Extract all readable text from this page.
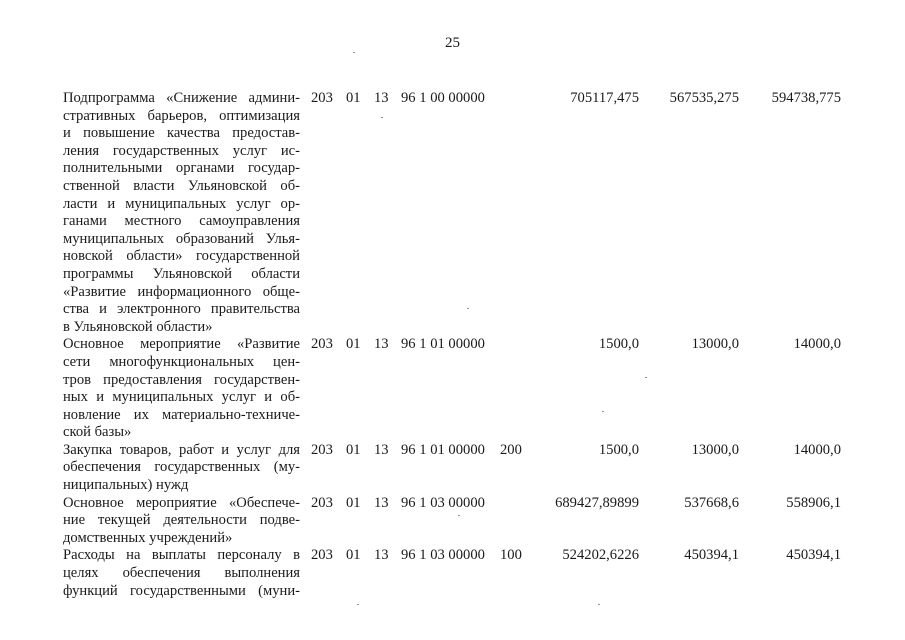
25
Подпрограмма «Снижение админи-
стративных барьеров, оптимизация
и повышение качества предостав-
ления государственных услуг ис-
полнительными органами государ-
ственной власти Ульяновской об-
ласти и муниципальных услуг ор-
ганами местного самоуправления
муниципальных образований Улья-
новской области» государственной
программы Ульяновской области
«Развитие информационного обще-
ства и электронного правительства
в Ульяновской области»
203 01 13 96 1 00 00000	705117,475	567535,275	594738,775
Основное мероприятие «Развитие
сети многофункциональных цен-
тров предоставления государствен-
ных и муниципальных услуг и об-
новление их материально-техниче-
ской базы»
203 01 13 96 1 01 00000	1500,0	13000,0	14000,0
Закупка товаров, работ и услуг для
обеспечения государственных (му-
ниципальных) нужд
203 01 13 96 1 01 00000 200	1500,0	13000,0	14000,0
Основное мероприятие «Обеспече-
ние текущей деятельности подве-
домственных учреждений»
203 01 13 96 1 03 00000	689427,89899	537668,6	558906,1
Расходы на выплаты персоналу в
целях обеспечения выполнения
функций государственными (муни-
203 01 13 96 1 03 00000 100	524202,6226	450394,1	450394,1
